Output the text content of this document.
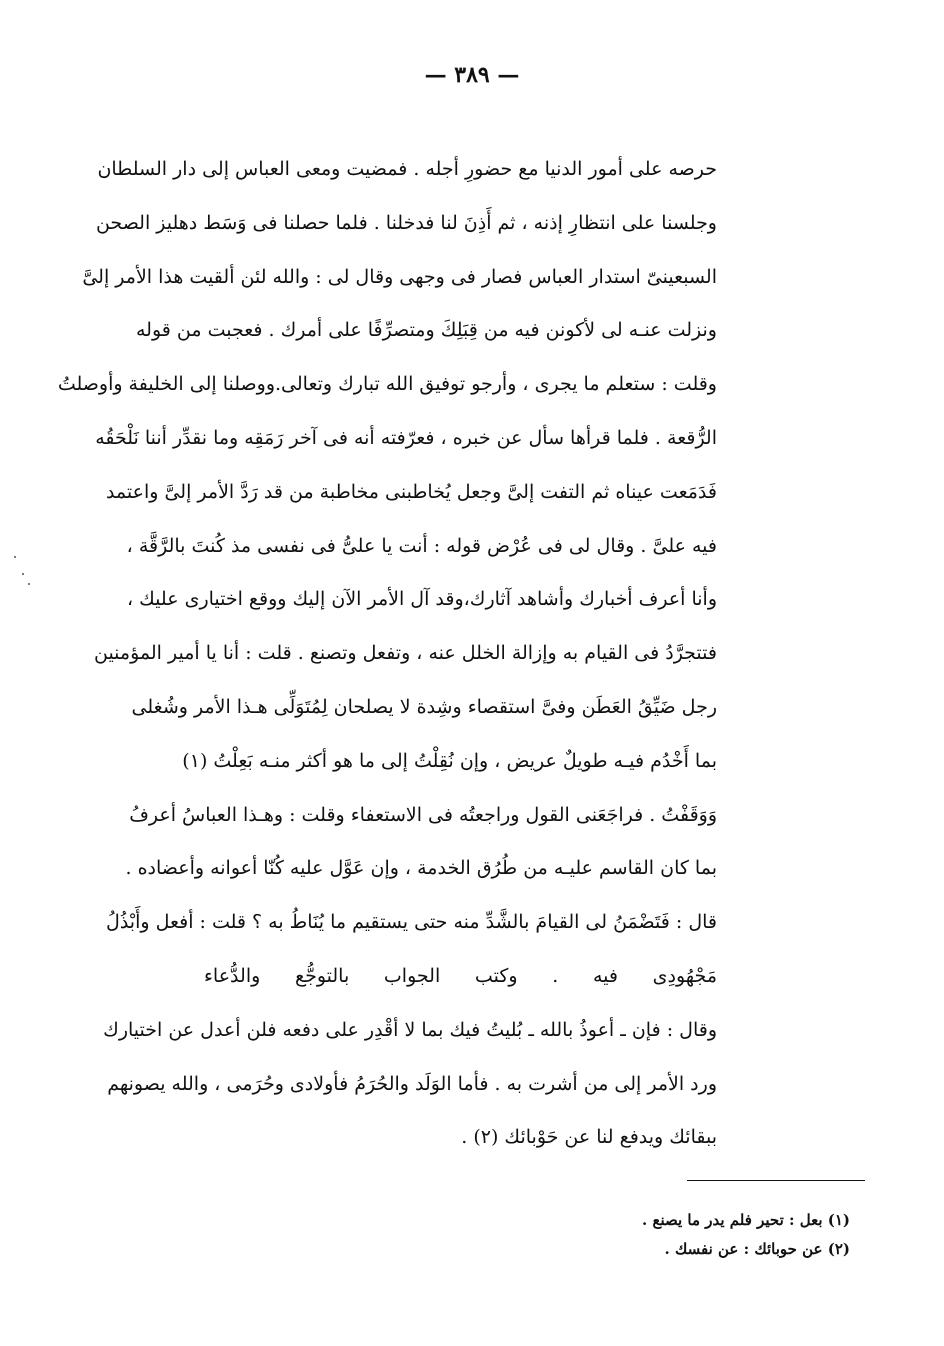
— ٣٨٩ —
حرصه على أمور الدنيا مع حضورِ أجله . فمضيت ومعى العباس إلى دار السلطان
وجلسنا على انتظارِ إذنه ، ثم أَذِنَ لنا فدخلنا . فلما حصلنا فى وَسَط دهليز الصحن
السبعينىّ استدار العباس فصار فى وجهى وقال لى : والله لئن ألقيت هذا الأمر إلىَّ
ونزلت عنـه لى لأكونن فيه من قِبَلِكَ ومتصرِّفًا على أمرك . فعجبت من قوله
وقلت : ستعلم ما يجرى ، وأرجو توفيق الله تبارك وتعالى.ووصلنا إلى الخليفة وأوصلتُ
الرُّقعة . فلما قرأها سأل عن خبره ، فعرّفته أنه فى آخر رَمَقِه وما نقدِّر أننا نَلْحَقُه
فَدَمَعت عيناه ثم التفت إلىَّ وجعل يُخاطبنى مخاطبة من قد رَدَّ الأمر إلىَّ واعتمد
فيه علىَّ . وقال لى فى عُرْض قوله : أنت يا علىُّ فى نفسى مذ كُنتَ بالرَّقَّة ،
وأنا أعرف أخبارك وأشاهد آثارك،وقد آل الأمر الآن إليك ووقع اختيارى عليك ،
فتتجرَّدُ فى القيام به وإزالة الخلل عنه ، وتفعل وتصنع . قلت : أنا يا أمير المؤمنين
رجل ضَيِّقُ العَطَن وفىَّ استقصاء وشِدة لا يصلحان لِمُتَوَلِّى هـذا الأمر وشُغلى
بما أَخْدُم فيـه طويلٌ عريض ، وإن نُقِلْتُ إلى ما هو أكثر منـه بَعِلْتُ (١)
وَوَقَفْتُ . فراجَعَنى القول وراجعتُه فى الاستعفاء وقلت : وهـذا العباسُ أعرفُ
بما كان القاسم عليـه من طُرُق الخدمة ، وإن عَوَّل عليه كُنّا أعوانه وأعضاده .
قال : فَتَضْمَنُ لى القيامَ بالشَّدِّ منه حتى يستقيم ما يُنَاطُ به ؟ قلت : أفعل وأَبْذُلُ
مَجْهُودِى فيه . وكتب الجواب بالتوجُّع والدُّعاء
وقال : فإن ـ أعوذُ بالله ـ بُليتُ فيك بما لا أقْدِر على دفعه فلن أعدل عن اختيارك
ورد الأمر إلى من أشرت به . فأما الوَلَد والحُرَمُ فأولادى وحُرَمى ، والله يصونهم
ببقائك ويدفع لنا عن حَوْبائك (٢) .
(١) بعل : تحير فلم يدر ما يصنع .
(٢) عن حوبائك : عن نفسك .
